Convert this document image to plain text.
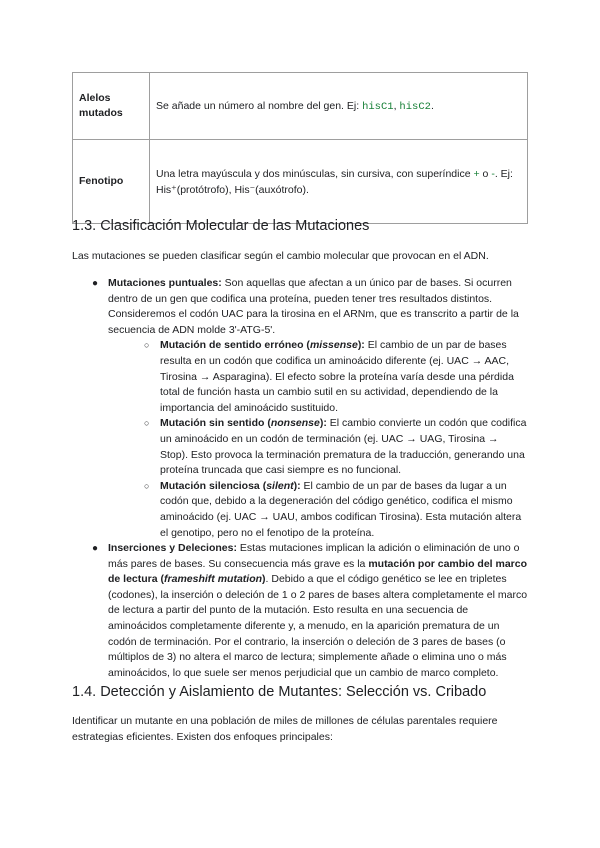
Alelos mutados	Se añade un número al nombre del gen. Ej: hisC1, hisC2.
Fenotipo	Una letra mayúscula y dos minúsculas, sin cursiva, con superíndice + o -. Ej: His⁺(protótrofo), His⁻(auxótrofo).
1.3. Clasificación Molecular de las Mutaciones

Las mutaciones se pueden clasificar según el cambio molecular que provocan en el ADN.

● Mutaciones puntuales: Son aquellas que afectan a un único par de bases. Si ocurren dentro de un gen que codifica una proteína, pueden tener tres resultados distintos. Consideremos el codón UAC para la tirosina en el ARNm, que es transcrito a partir de la secuencia de ADN molde 3'-ATG-5'.
○ Mutación de sentido erróneo (missense): El cambio de un par de bases resulta en un codón que codifica un aminoácido diferente (ej. UAC → AAC, Tirosina → Asparagina). El efecto sobre la proteína varía desde una pérdida total de función hasta un cambio sutil en su actividad, dependiendo de la importancia del aminoácido sustituido.
○ Mutación sin sentido (nonsense): El cambio convierte un codón que codifica un aminoácido en un codón de terminación (ej. UAC → UAG, Tirosina → Stop). Esto provoca la terminación prematura de la traducción, generando una proteína truncada que casi siempre es no funcional.
○ Mutación silenciosa (silent): El cambio de un par de bases da lugar a un codón que, debido a la degeneración del código genético, codifica el mismo aminoácido (ej. UAC → UAU, ambos codifican Tirosina). Esta mutación altera el genotipo, pero no el fenotipo de la proteína.
● Inserciones y Deleciones: Estas mutaciones implican la adición o eliminación de uno o más pares de bases. Su consecuencia más grave es la mutación por cambio del marco de lectura (frameshift mutation). Debido a que el código genético se lee en tripletes (codones), la inserción o deleción de 1 o 2 pares de bases altera completamente el marco de lectura a partir del punto de la mutación. Esto resulta en una secuencia de aminoácidos completamente diferente y, a menudo, en la aparición prematura de un codón de terminación. Por el contrario, la inserción o deleción de 3 pares de bases (o múltiplos de 3) no altera el marco de lectura; simplemente añade o elimina uno o más aminoácidos, lo que suele ser menos perjudicial que un cambio de marco completo.
1.4. Detección y Aislamiento de Mutantes: Selección vs. Cribado

Identificar un mutante en una población de miles de millones de células parentales requiere estrategias eficientes. Existen dos enfoques principales:
